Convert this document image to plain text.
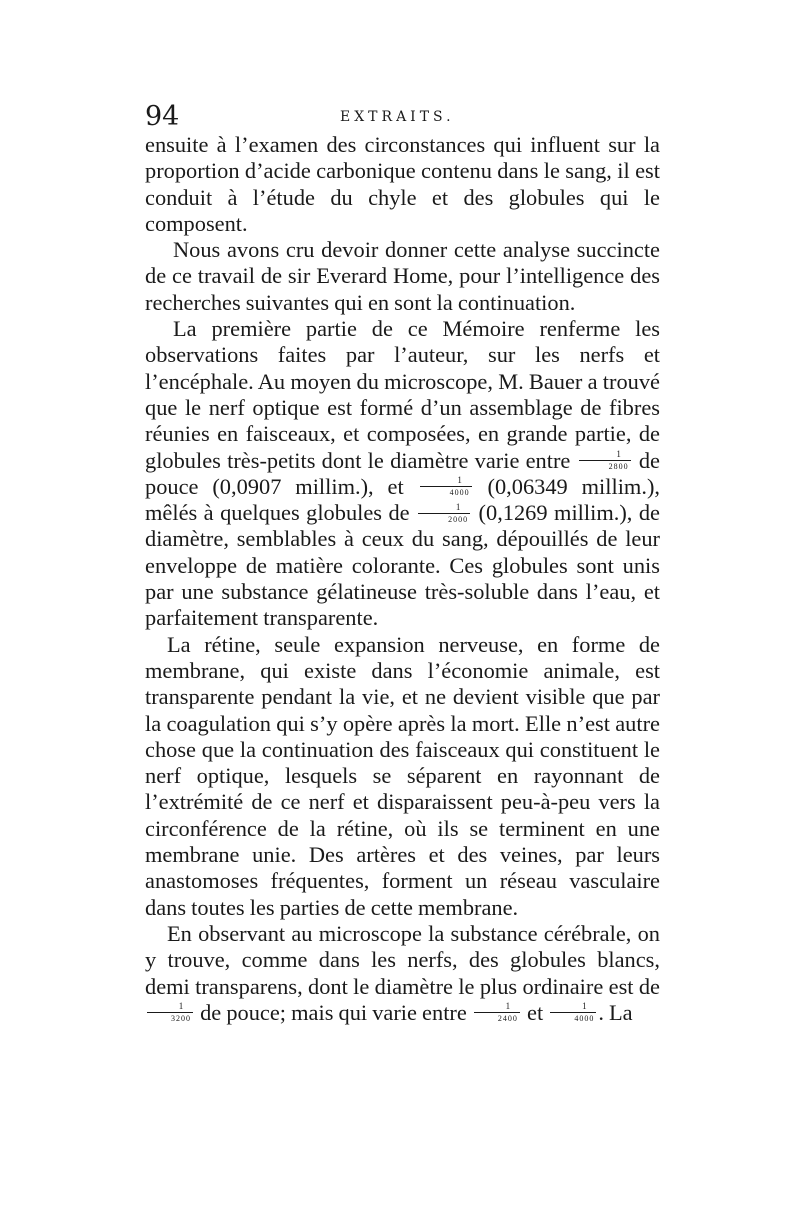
94	EXTRAITS.

ensuite à l’examen des circonstances qui influent sur la proportion d’acide carbonique contenu dans le sang, il est conduit à l’étude du chyle et des globules qui le composent.

Nous avons cru devoir donner cette analyse succincte de ce travail de sir Everard Home, pour l’intelligence des recherches suivantes qui en sont la continuation.

La première partie de ce Mémoire renferme les observations faites par l’auteur, sur les nerfs et l’encéphale. Au moyen du microscope, M. Bauer a trouvé que le nerf optique est formé d’un assemblage de fibres réunies en faisceaux, et composées, en grande partie, de globules très-petits dont le diamètre varie entre $\frac{1}{2800}$ de pouce (0,0907 millim.), et $\frac{1}{4000} (0,06349$ millim.), mêlés à quelques globules de $\frac{1}{2000} (0,1269$ millim.), de diamètre, semblables à ceux du sang, dépouillés de leur enveloppe de matière colorante. Ces globules sont unis par une substance gélatineuse très-soluble dans l’eau, et parfaitement transparente.

La rétine, seule expansion nerveuse, en forme de membrane, qui existe dans l’économie animale, est transparente pendant la vie, et ne devient visible que par la coagulation qui s’y opère après la mort. Elle n’est autre chose que la continuation des faisceaux qui constituent le nerf optique, lesquels se séparent en rayonnant de l’extrémité de ce nerf et disparaissent peu-à-peu vers la circonférence de la rétine, où ils se terminent en une membrane unie. Des artères et des veines, par leurs anastomoses fréquentes, forment un réseau vasculaire dans toutes les parties de cette membrane.

En observant au microscope la substance cérébrale, on y trouve, comme dans les nerfs, des globules blancs, demi transparens, dont le diamètre le plus ordinaire est de
$\frac{1}{3200}$ de pouce; mais qui varie entre $\frac{1}{2400}$ et $\frac{1}{4000}$ . La
